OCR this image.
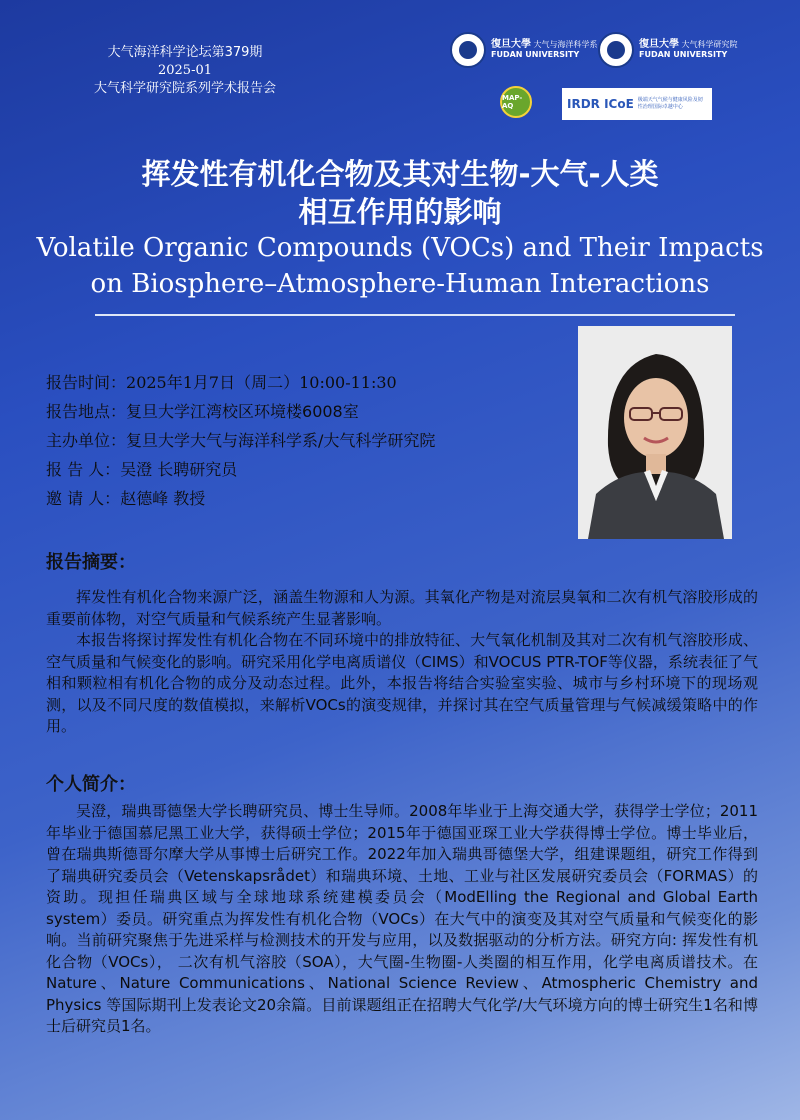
大气海洋科学论坛第379期
2025-01
大气科学研究院系列学术报告会
復旦大學 大气与海洋科学系
FUDAN UNIVERSITY
復旦大學 大气科学研究院
FUDAN UNIVERSITY
MAP-AQ	IRDR ICoE 极端天气气候与健康风险及韧性治理国际卓越中心
挥发性有机化合物及其对生物-大气-人类
相互作用的影响
Volatile Organic Compounds (VOCs) and Their Impacts
on Biosphere–Atmosphere-Human Interactions
报告时间：2025年1月7日（周二）10:00-11:30
报告地点：复旦大学江湾校区环境楼6008室
主办单位：复旦大学大气与海洋科学系/大气科学研究院
报 告 人：吴澄 长聘研究员
邀 请 人：赵德峰 教授
报告摘要：

挥发性有机化合物来源广泛，涵盖生物源和人为源。其氧化产物是对流层臭氧和二次有机气溶胶形成的重要前体物，对空气质量和气候系统产生显著影响。

本报告将探讨挥发性有机化合物在不同环境中的排放特征、大气氧化机制及其对二次有机气溶胶形成、空气质量和气候变化的影响。研究采用化学电离质谱仪（CIMS）和VOCUS PTR-TOF等仪器，系统表征了气相和颗粒相有机化合物的成分及动态过程。此外，本报告将结合实验室实验、城市与乡村环境下的现场观测，以及不同尺度的数值模拟，来解析VOCs的演变规律，并探讨其在空气质量管理与气候减缓策略中的作用。

个人简介：

吴澄，瑞典哥德堡大学长聘研究员、博士生导师。2008年毕业于上海交通大学，获得学士学位；2011年毕业于德国慕尼黑工业大学，获得硕士学位；2015年于德国亚琛工业大学获得博士学位。博士毕业后，曾在瑞典斯德哥尔摩大学从事博士后研究工作。2022年加入瑞典哥德堡大学，组建课题组，研究工作得到了瑞典研究委员会（Vetenskapsrådet）和瑞典环境、土地、工业与社区发展研究委员会（FORMAS）的资助。现担任瑞典区域与全球地球系统建模委员会（ModElling the Regional and Global Earth system）委员。研究重点为挥发性有机化合物（VOCs）在大气中的演变及其对空气质量和气候变化的影响。当前研究聚焦于先进采样与检测技术的开发与应用，以及数据驱动的分析方法。研究方向: 挥发性有机化合物（VOCs）， 二次有机气溶胶（SOA），大气圈-生物圈-人类圈的相互作用，化学电离质谱技术。在 Nature、Nature Communications、National Science Review、Atmospheric Chemistry and Physics 等国际期刊上发表论文20余篇。目前课题组正在招聘大气化学/大气环境方向的博士研究生1名和博士后研究员1名。
